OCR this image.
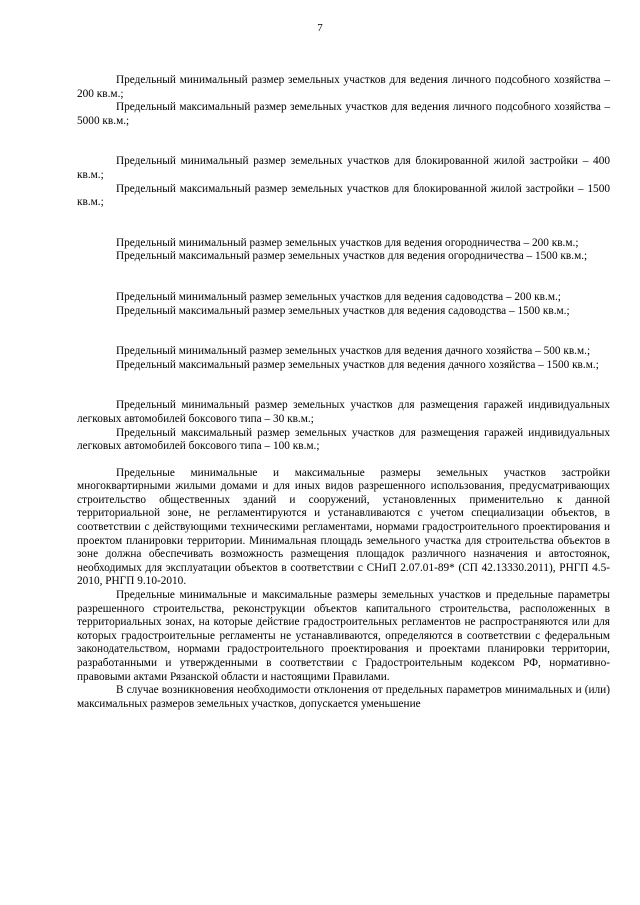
7

Предельный минимальный размер земельных участков для ведения личного подсобного хозяйства – 200 кв.м.;

Предельный максимальный размер земельных участков для ведения личного подсобного хозяйства – 5000 кв.м.;

Предельный минимальный размер земельных участков для блокированной жилой застройки – 400 кв.м.;

Предельный максимальный размер земельных участков для блокированной жилой застройки – 1500 кв.м.;

Предельный минимальный размер земельных участков для ведения огородничества – 200 кв.м.;

Предельный максимальный размер земельных участков для ведения огородничества – 1500 кв.м.;

Предельный минимальный размер земельных участков для ведения садоводства – 200 кв.м.;

Предельный максимальный размер земельных участков для ведения садоводства – 1500 кв.м.;

Предельный минимальный размер земельных участков для ведения дачного хозяйства – 500 кв.м.;

Предельный максимальный размер земельных участков для ведения дачного хозяйства – 1500 кв.м.;

Предельный минимальный размер земельных участков для размещения гаражей индивидуальных легковых автомобилей боксового типа – 30 кв.м.;

Предельный максимальный размер земельных участков для размещения гаражей индивидуальных легковых автомобилей боксового типа – 100 кв.м.;

Предельные минимальные и максимальные размеры земельных участков застройки многоквартирными жилыми домами и для иных видов разрешенного использования, предусматривающих строительство общественных зданий и сооружений, установленных применительно к данной территориальной зоне, не регламентируются и устанавливаются с учетом специализации объектов, в соответствии с действующими техническими регламентами, нормами градостроительного проектирования и проектом планировки территории. Минимальная площадь земельного участка для строительства объектов в зоне должна обеспечивать возможность размещения площадок различного назначения и автостоянок, необходимых для эксплуатации объектов в соответствии с СНиП 2.07.01-89* (СП 42.13330.2011), РНГП 4.5-2010, РНГП 9.10-2010.

Предельные минимальные и максимальные размеры земельных участков и предельные параметры разрешенного строительства, реконструкции объектов капитального строительства, расположенных в территориальных зонах, на которые действие градостроительных регламентов не распространяются или для которых градостроительные регламенты не устанавливаются, определяются в соответствии с федеральным законодательством, нормами градостроительного проектирования и проектами планировки территории, разработанными и утвержденными в соответствии с Градостроительным кодексом РФ, нормативно-правовыми актами Рязанской области и настоящими Правилами.

В случае возникновения необходимости отклонения от предельных параметров минимальных и (или) максимальных размеров земельных участков, допускается уменьшение
